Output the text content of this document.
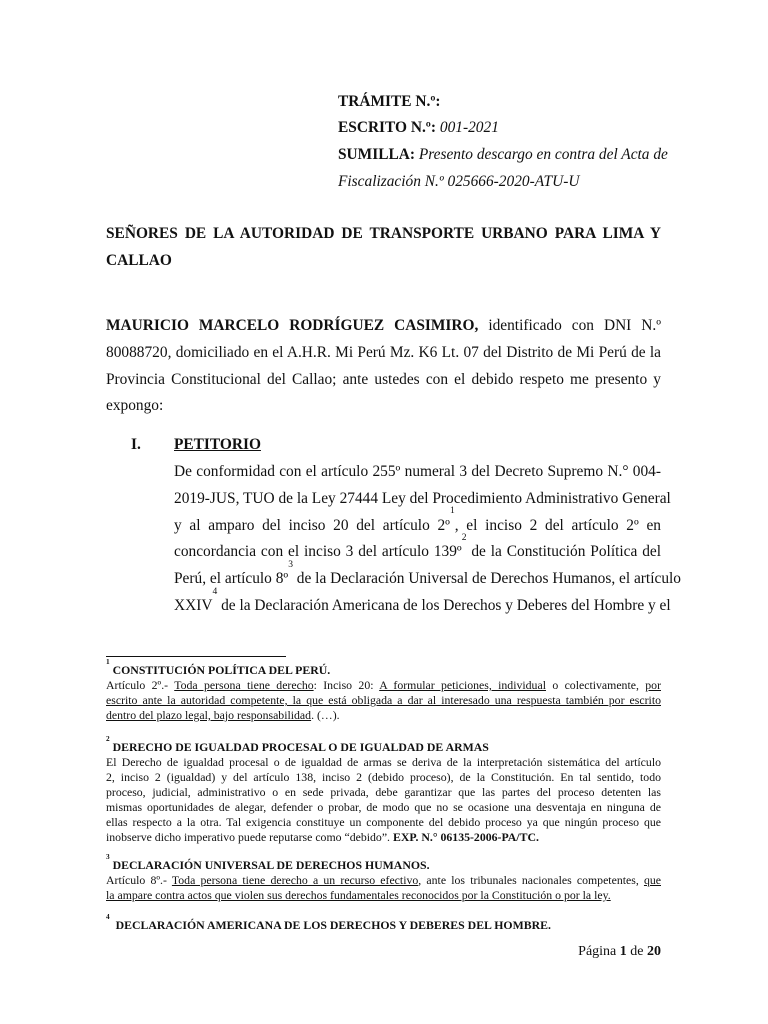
TRÁMITE N.º:
ESCRITO N.º: 001-2021
SUMILLA: Presento descargo en contra del Acta de
Fiscalización N.º 025666-2020-ATU-U
SEÑORES DE LA AUTORIDAD DE TRANSPORTE URBANO PARA LIMA Y
CALLAO
MAURICIO MARCELO RODRÍGUEZ CASIMIRO, identificado con DNI N.º
80088720, domiciliado en el A.H.R. Mi Perú Mz. K6 Lt. 07 del Distrito de Mi Perú de la
Provincia Constitucional del Callao; ante ustedes con el debido respeto me presento y
expongo:
I. PETITORIO
De conformidad con el artículo 255º numeral 3 del Decreto Supremo N.° 004-
2019-JUS, TUO de la Ley 27444 Ley del Procedimiento Administrativo General
y al amparo del inciso 20 del artículo 2º$^1$, el inciso 2 del artículo 2º en
concordancia con el inciso 3 del artículo 139º$^2$ de la Constitución Política del
Perú, el artículo 8º$^3$ de la Declaración Universal de Derechos Humanos, el artículo
XXIV$^4$ de la Declaración Americana de los Derechos y Deberes del Hombre y el
$^1$ CONSTITUCIÓN POLÍTICA DEL PERÚ.
Artículo 2º.- Toda persona tiene derecho: Inciso 20: A formular peticiones, individual o colectivamente, por
escrito ante la autoridad competente, la que está obligada a dar al interesado una respuesta también por escrito
dentro del plazo legal, bajo responsabilidad. (…).
$^2$ DERECHO DE IGUALDAD PROCESAL O DE IGUALDAD DE ARMAS
El Derecho de igualdad procesal o de igualdad de armas se deriva de la interpretación sistemática del artículo
2, inciso 2 (igualdad) y del artículo 138, inciso 2 (debido proceso), de la Constitución. En tal sentido, todo
proceso, judicial, administrativo o en sede privada, debe garantizar que las partes del proceso detenten las
mismas oportunidades de alegar, defender o probar, de modo que no se ocasione una desventaja en ninguna de
ellas respecto a la otra. Tal exigencia constituye un componente del debido proceso ya que ningún proceso que
inobserve dicho imperativo puede reputarse como “debido”. EXP. N.° 06135-2006-PA/TC.
$^3$ DECLARACIÓN UNIVERSAL DE DERECHOS HUMANOS.
Artículo 8º.- Toda persona tiene derecho a un recurso efectivo, ante los tribunales nacionales competentes, que
la ampare contra actos que violen sus derechos fundamentales reconocidos por la Constitución o por la ley.
$^4$  DECLARACIÓN AMERICANA DE LOS DERECHOS Y DEBERES DEL HOMBRE.
Página 1 de 20
